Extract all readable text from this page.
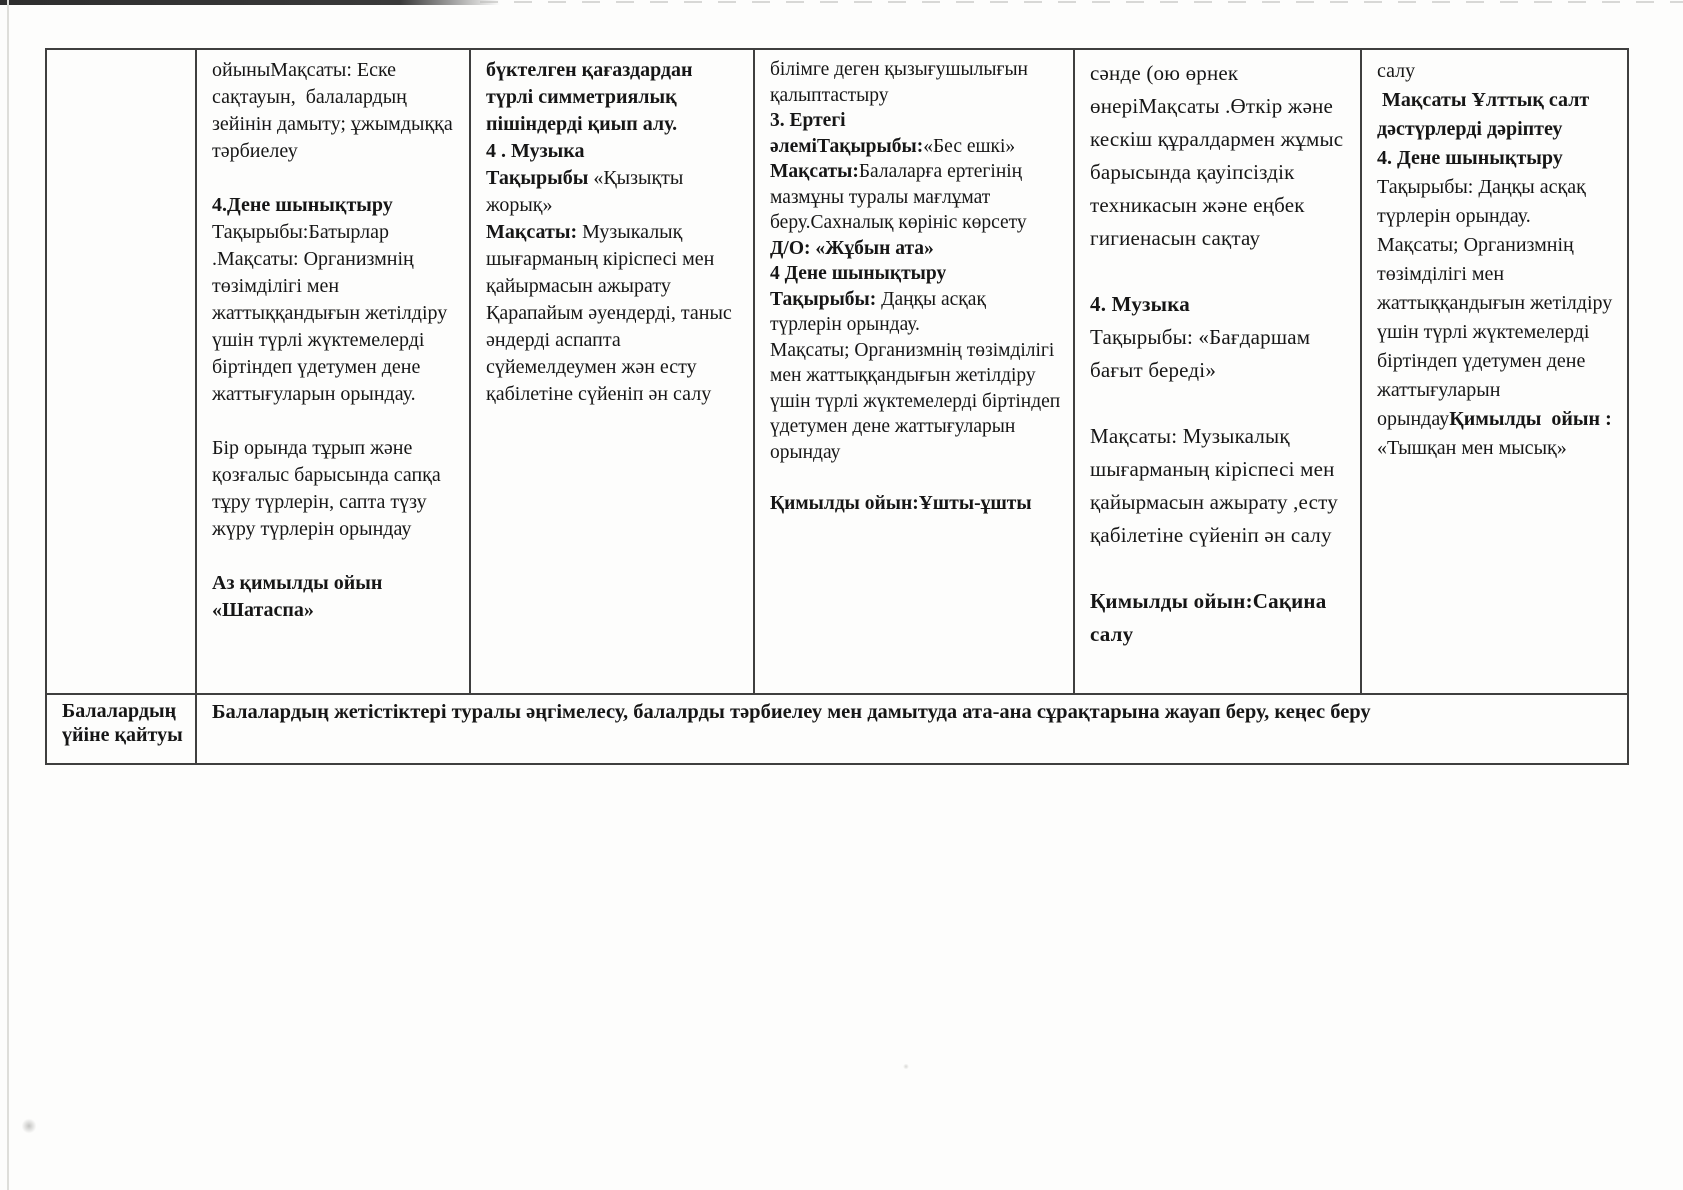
ойыныМақсаты: Еске сақтауын,  балалардың зейінін дамыту; ұжымдыққа тәрбиелеу

4.Дене шынықтыру

Тақырыбы:Батырлар

.Мақсаты: Организмнің төзімділігі мен жаттыққандығын жетілдіру үшін түрлі жүктемелерді біртіндеп үдетумен дене жаттығуларын орындау.

Бір орында тұрып және қозғалыс барысында сапқа тұру түрлерін, сапта түзу жүру түрлерін орындау

Аз қимылды ойын «Шатаспа»

бүктелген қағаздардан түрлі симметриялық пішіндерді қиып алу.

4 . Музыка

Тақырыбы «Қызықты жорық»

Мақсаты: Музыкалық шығарманың кіріспесі мен қайырмасын ажырату Қарапайым әуендерді, таныс әндерді аспапта сүйемелдеумен жән есту қабілетіне сүйеніп ән салу

білімге деген қызығушылығын қалыптастыру

3. Ертегі

әлеміТақырыбы:«Бес ешкі»

Мақсаты:Балаларға ертегінің мазмұны туралы мағлұмат беру.Сахналық көрініс көрсету

Д/О: «Жұбын ата»

4 Дене шынықтыру

Тақырыбы: Даңқы асқақ түрлерін орындау.

Мақсаты; Организмнің төзімділігі мен жаттыққандығын жетілдіру үшін түрлі жүктемелерді біртіндеп үдетумен дене жаттығуларын орындау

Қимылды ойын:Ұшты-ұшты

сәнде (ою өрнек өнеріМақсаты .Өткір және кескіш құралдармен жұмыс барысында қауіпсіздік техникасын және еңбек гигиенасын сақтау

4. Музыка

Тақырыбы: «Бағдаршам бағыт береді»

Мақсаты: Музыкалық шығарманың кіріспесі мен қайырмасын ажырату ,есту қабілетіне сүйеніп ән салу

Қимылды ойын:Сақина салу

салу

Мақсаты Ұлттық салт дәстүрлерді дәріптеу

4. Дене шынықтыру

Тақырыбы: Даңқы асқақ түрлерін орындау. Мақсаты; Организмнің төзімділігі мен жаттыққандығын жетілдіру үшін түрлі жүктемелерді біртіндеп үдетумен дене жаттығуларын орындауҚимылды  ойын : «Тышқан мен мысық»

Балалардың үйіне қайтуы

Балалардың жетістіктері туралы әңгімелесу, балалрды тәрбиелеу мен дамытуда ата-ана сұрақтарына жауап беру, кеңес беру
